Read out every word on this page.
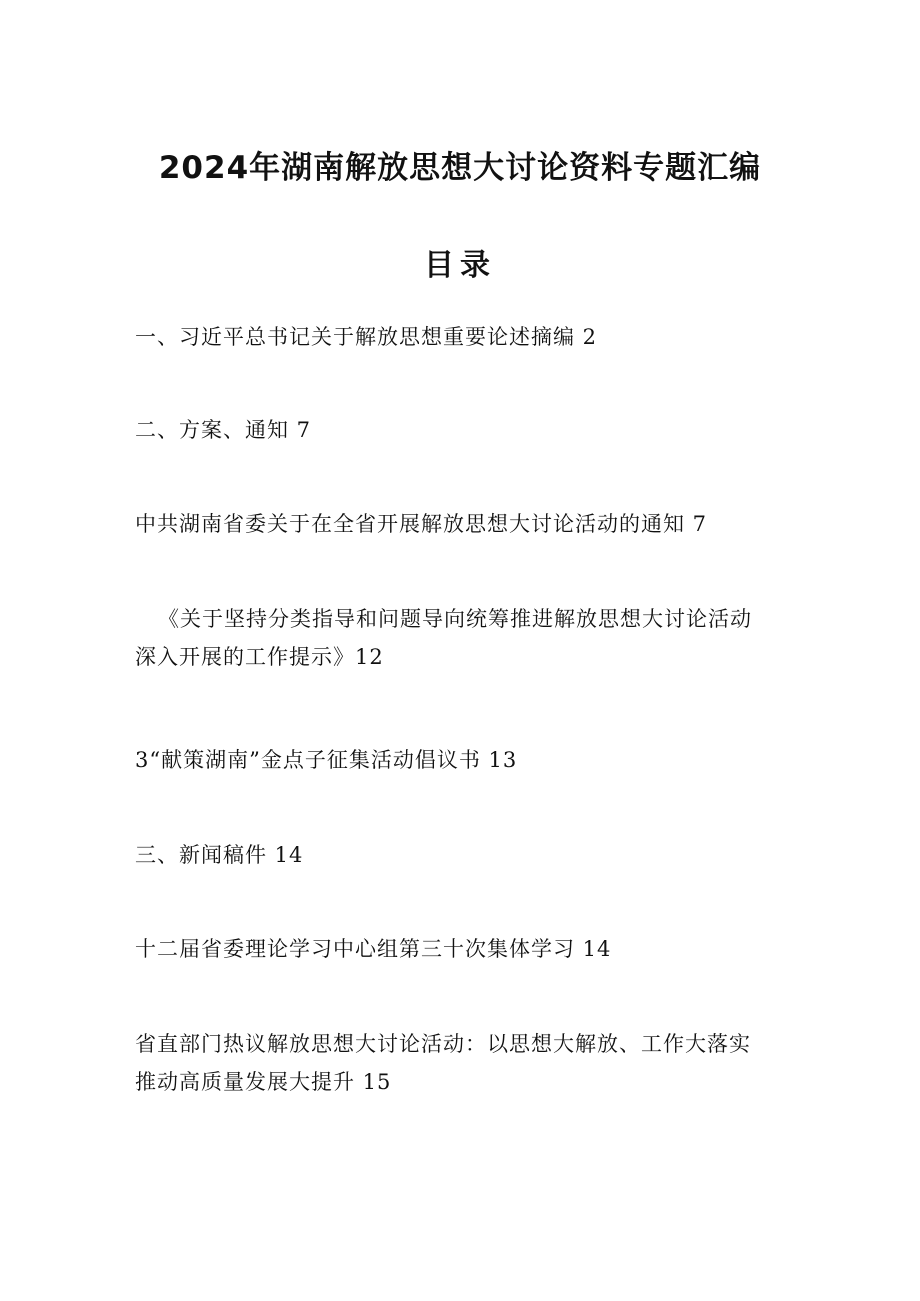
2024年湖南解放思想大讨论资料专题汇编
目录
一、习近平总书记关于解放思想重要论述摘编 2
二、方案、通知 7
中共湖南省委关于在全省开展解放思想大讨论活动的通知 7
《关于坚持分类指导和问题导向统筹推进解放思想大讨论活动
深入开展的工作提示》12
3“献策湖南”金点子征集活动倡议书 13
三、新闻稿件 14
十二届省委理论学习中心组第三十次集体学习 14
省直部门热议解放思想大讨论活动：以思想大解放、工作大落实
推动高质量发展大提升 15
